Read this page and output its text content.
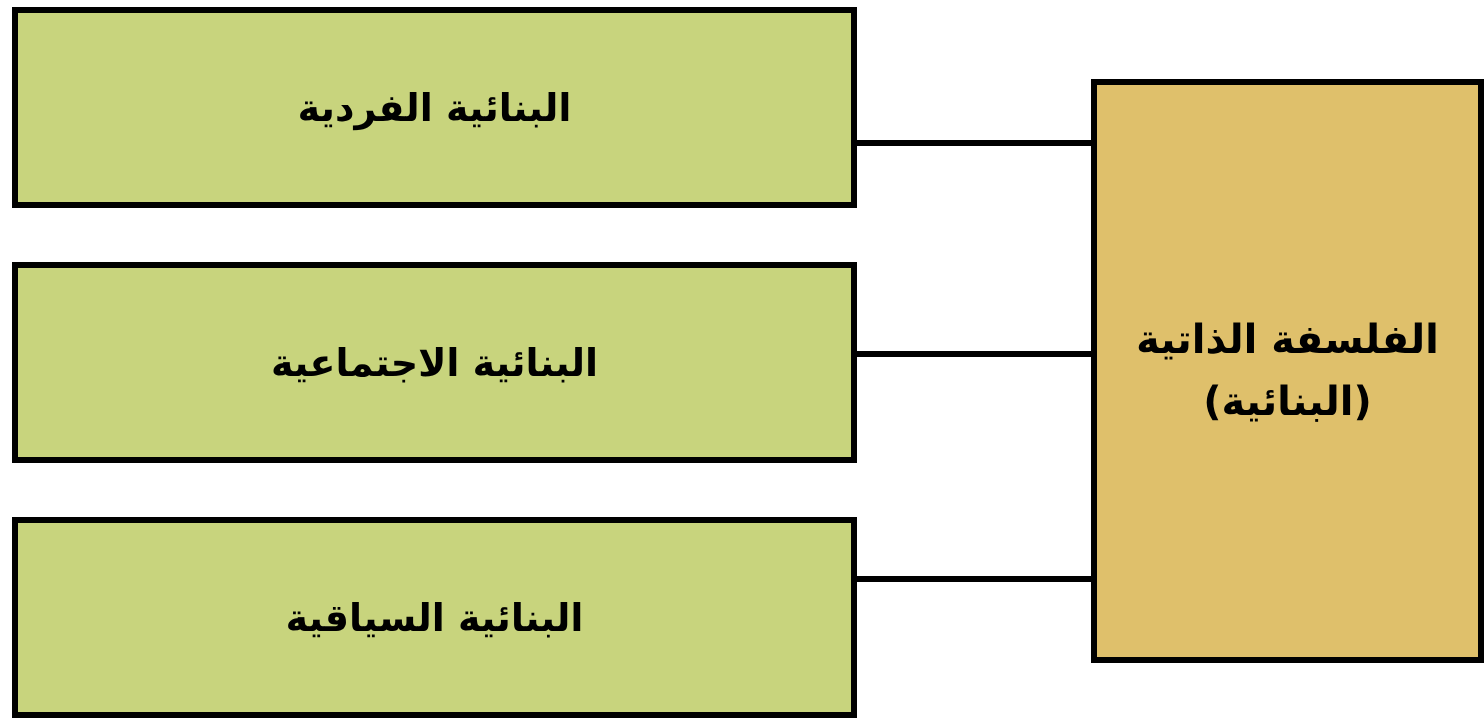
البنائية الفردية
البنائية الاجتماعية
البنائية السياقية
الفلسفة الذاتية
(البنائية)
